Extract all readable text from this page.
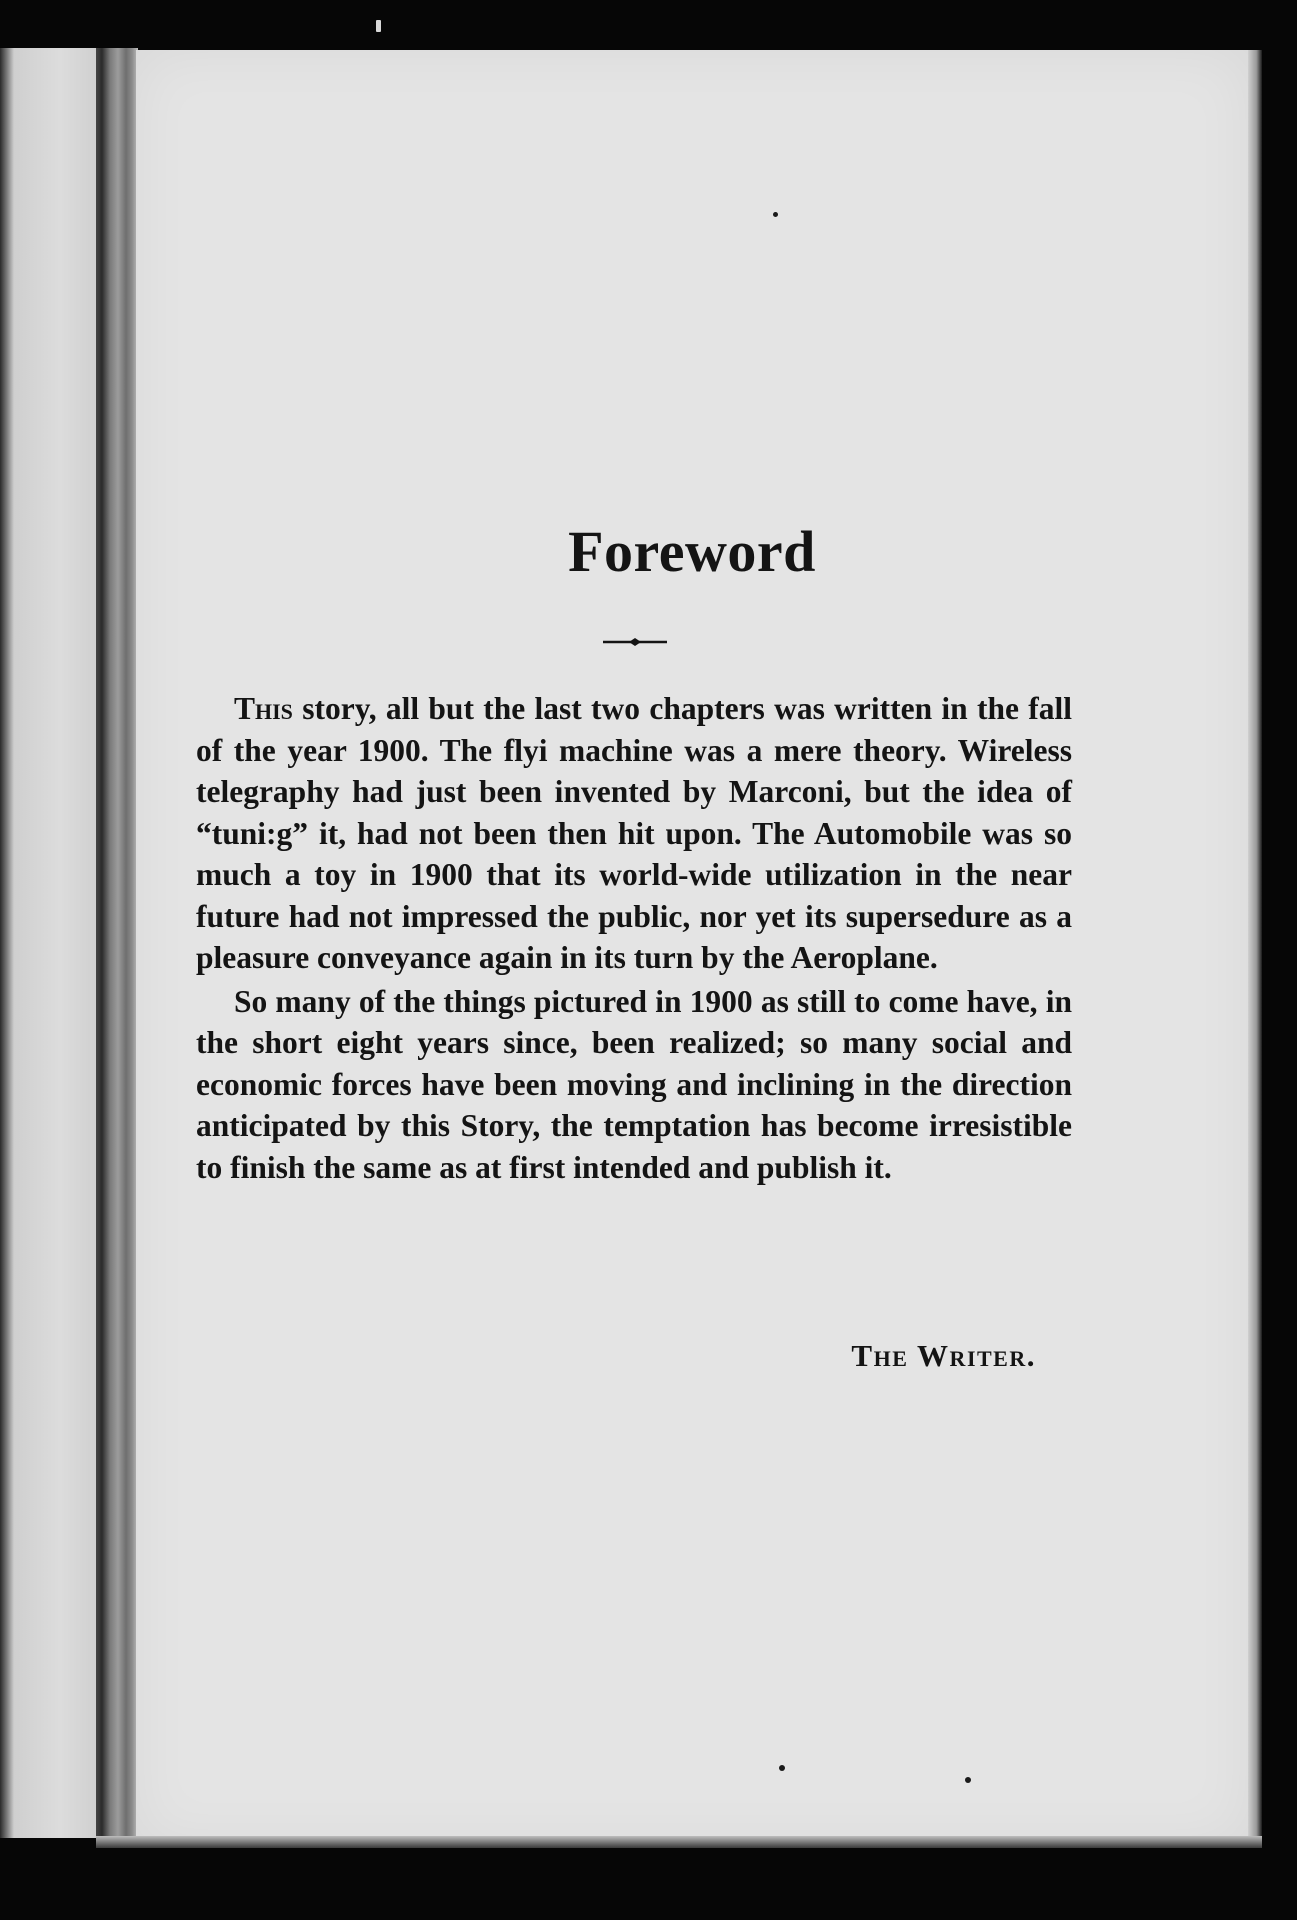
Foreword

This story, all but the last two chapters was written in the fall of the year 1900. The flyi machine was a mere theory. Wireless telegraphy had just been invented by Marconi, but the idea of “tuni:g” it, had not been then hit upon. The Automobile was so much a toy in 1900 that its world-wide utilization in the near future had not impressed the public, nor yet its supersedure as a pleasure conveyance again in its turn by the Aeroplane.

So many of the things pictured in 1900 as still to come have, in the short eight years since, been realized; so many social and economic forces have been moving and inclining in the direction anticipated by this Story, the temptation has become irresistible to finish the same as at first intended and publish it.

The Writer.
